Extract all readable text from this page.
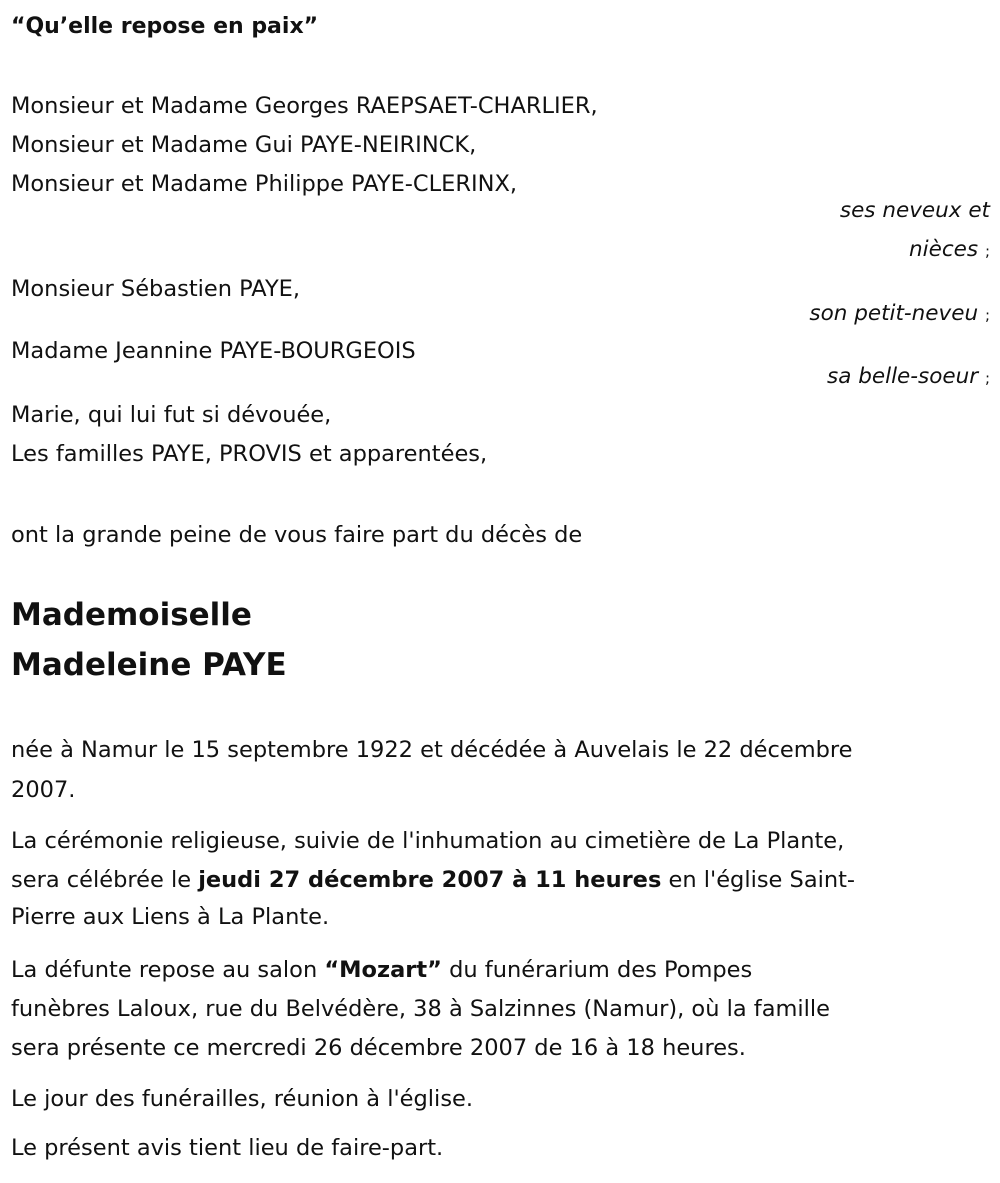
“Qu’elle repose en paix”
Monsieur et Madame Georges RAEPSAET-CHARLIER,
Monsieur et Madame Gui PAYE-NEIRINCK,
Monsieur et Madame Philippe PAYE-CLERINX,
ses neveux et
nièces ;
Monsieur Sébastien PAYE,
son petit-neveu ;
Madame Jeannine PAYE-BOURGEOIS
sa belle-soeur ;
Marie, qui lui fut si dévouée,
Les familles PAYE, PROVIS et apparentées,
ont la grande peine de vous faire part du décès de
Mademoiselle
Madeleine PAYE
née à Namur le 15 septembre 1922 et décédée à Auvelais le 22 décembre
2007.
La cérémonie religieuse, suivie de l'inhumation au cimetière de La Plante,
sera célébrée le jeudi 27 décembre 2007 à 11 heures en l'église Saint-
Pierre aux Liens à La Plante.
La défunte repose au salon “Mozart” du funérarium des Pompes
funèbres Laloux, rue du Belvédère, 38 à Salzinnes (Namur), où la famille
sera présente ce mercredi 26 décembre 2007 de 16 à 18 heures.
Le jour des funérailles, réunion à l'église.
Le présent avis tient lieu de faire-part.
